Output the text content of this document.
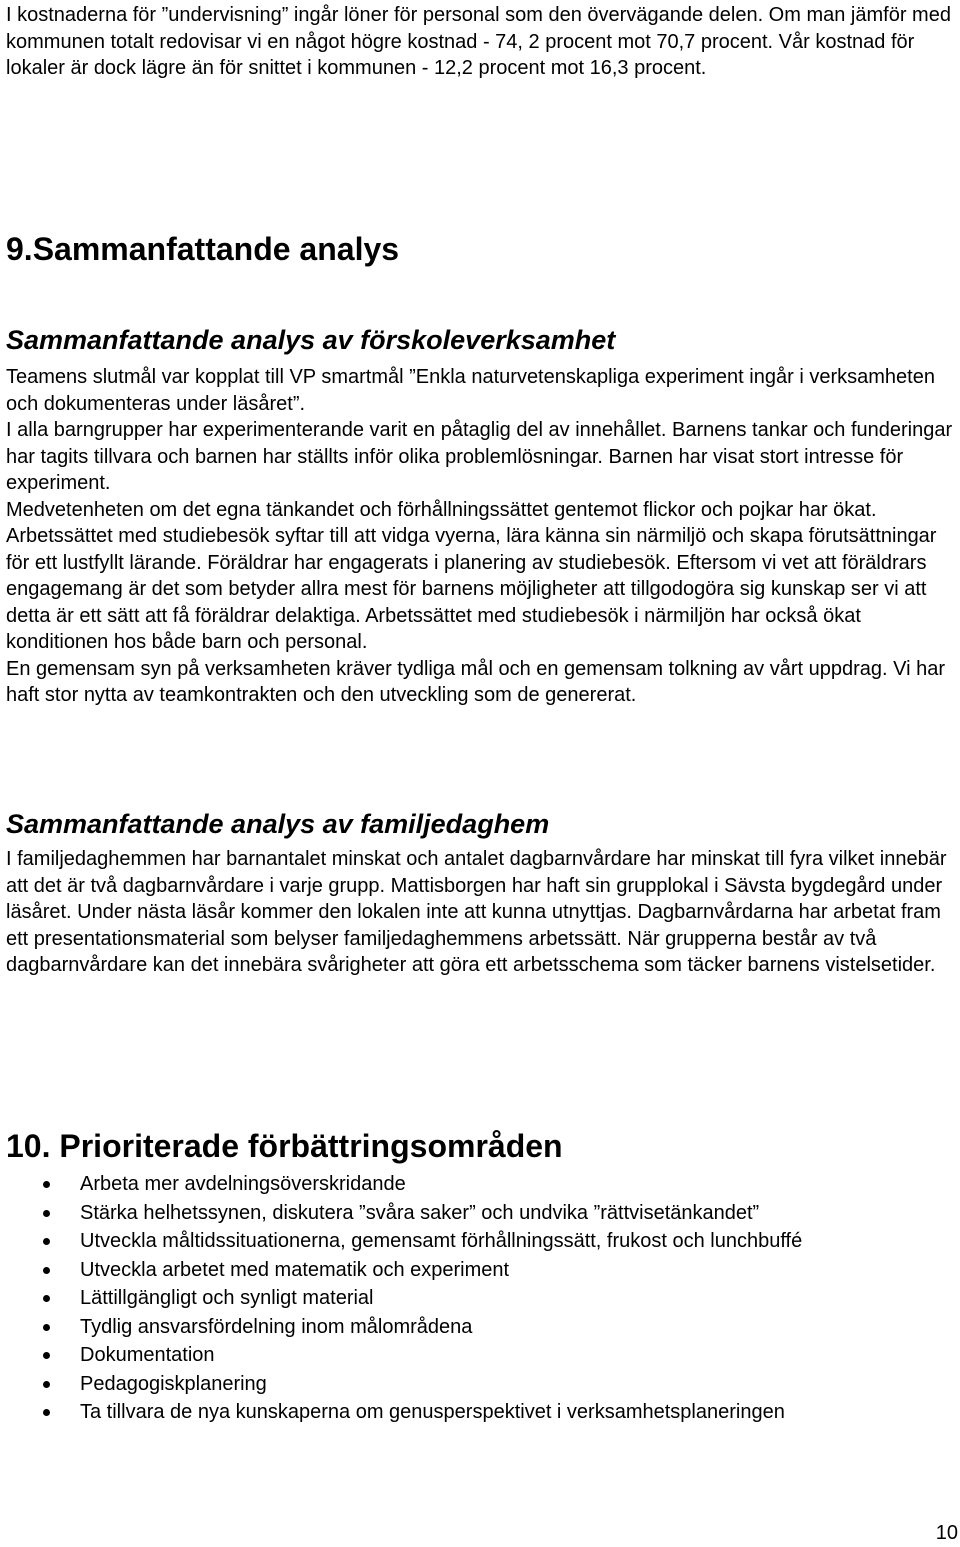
I kostnaderna för ”undervisning” ingår löner för personal som den övervägande delen. Om man jämför med kommunen totalt redovisar vi en något högre kostnad - 74, 2 procent mot 70,7 procent. Vår kostnad för lokaler är dock lägre än för snittet i kommunen - 12,2 procent mot 16,3 procent.

9.Sammanfattande analys
Sammanfattande analys av förskoleverksamhet

Teamens slutmål var kopplat till VP smartmål ”Enkla naturvetenskapliga experiment ingår i verksamheten och dokumenteras under läsåret”.

I alla barngrupper har experimenterande varit en påtaglig del av innehållet. Barnens tankar och funderingar har tagits tillvara och barnen har ställts inför olika problemlösningar. Barnen har visat stort intresse för experiment.

Medvetenheten om det egna tänkandet och förhållningssättet gentemot flickor och pojkar har ökat.

Arbetssättet med studiebesök syftar till att vidga vyerna, lära känna sin närmiljö och skapa förutsättningar för ett lustfyllt lärande. Föräldrar har engagerats i planering av studiebesök. Eftersom vi vet att föräldrars engagemang är det som betyder allra mest för barnens möjligheter att tillgodogöra sig kunskap ser vi att detta är ett sätt att få föräldrar delaktiga. Arbetssättet med studiebesök i närmiljön har också ökat konditionen hos både barn och personal.

En gemensam syn på verksamheten kräver tydliga mål och en gemensam tolkning av vårt uppdrag. Vi har haft stor nytta av teamkontrakten och den utveckling som de genererat.

Sammanfattande analys av familjedaghem

I familjedaghemmen har barnantalet minskat och antalet dagbarnvårdare har minskat till fyra vilket innebär att det är två dagbarnvårdare i varje grupp. Mattisborgen har haft sin gruppl​okal i Sävsta bygdegård under läsåret. Under nästa läsår kommer den lokalen inte att kunna utnyttjas. Dagbarnvårdarna har arbetat fram ett presentationsmaterial som belyser familjedaghemmens arbetssätt. När grupperna består av två dagbarnvårdare kan det innebära svårigheter att göra ett arbetsschema som täcker barnens vistelsetider.

10. Prioriterade förbättringsområden
Arbeta mer avdelningsöverskridande
Stärka helhetssynen, diskutera ”svåra saker” och undvika ”rättvisetänkandet”
Utveckla måltidssituationerna, gemensamt förhållningssätt, frukost och lunchbuffé
Utveckla arbetet med matematik och experiment
Lättillgängligt och synligt material
Tydlig ansvarsfördelning inom målområdena
Dokumentation
Pedagogiskplanering
Ta tillvara de nya kunskaperna om genusperspektivet i verksamhetsplaneringen
10
